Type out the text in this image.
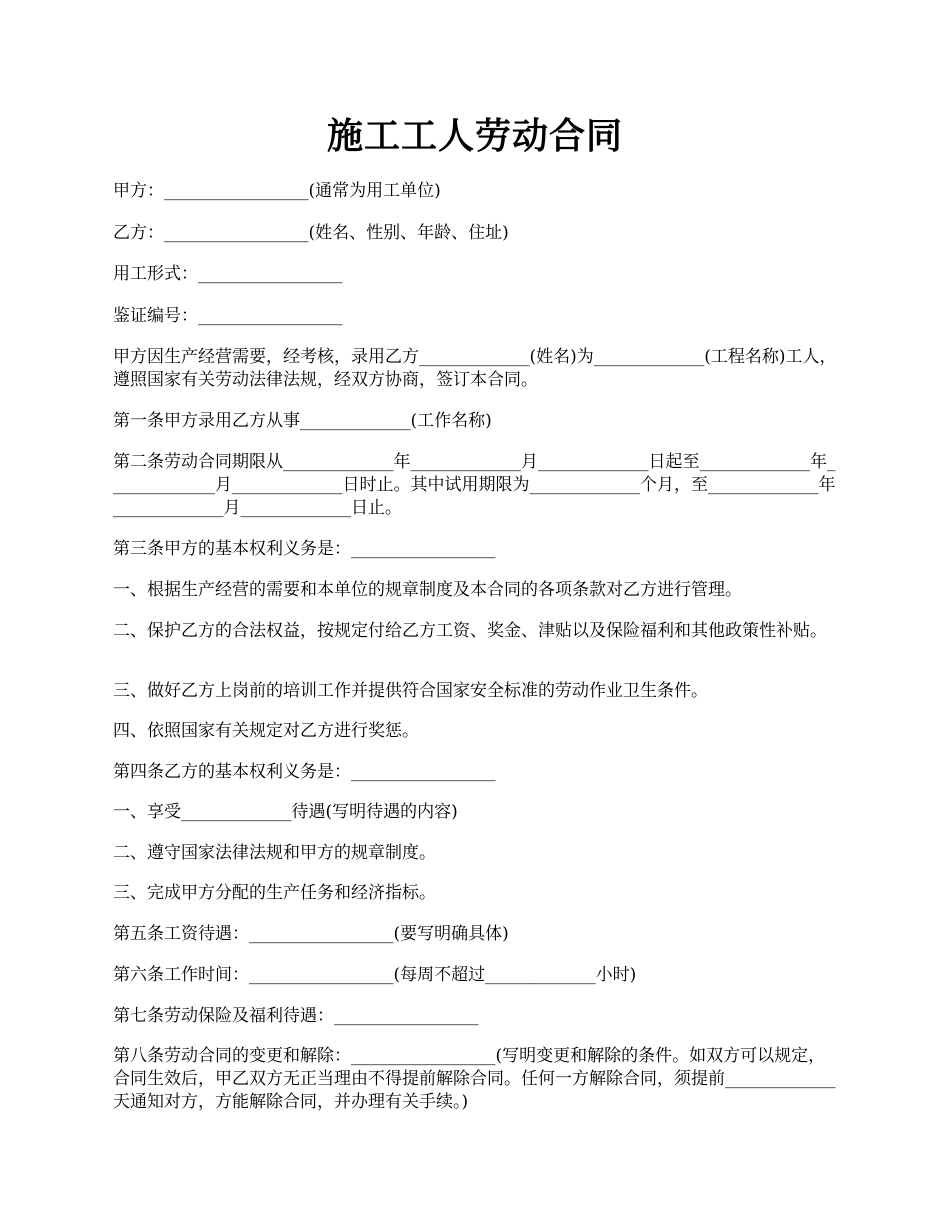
施工工人劳动合同
甲方：_________________(通常为用工单位)
乙方：_________________(姓名、性别、年龄、住址)
用工形式：_________________
鉴证编号：_________________
甲方因生产经营需要，经考核，录用乙方_____________(姓名)为_____________(工程名称)工人，遵照国家有关劳动法律法规，经双方协商，签订本合同。
第一条甲方录用乙方从事_____________(工作名称)
第二条劳动合同期限从_____________年_____________月_____________日起至_____________年_____________月_____________日时止。其中试用期限为_____________个月，至_____________年_____________月_____________日止。
第三条甲方的基本权利义务是：_________________
一、根据生产经营的需要和本单位的规章制度及本合同的各项条款对乙方进行管理。
二、保护乙方的合法权益，按规定付给乙方工资、奖金、津贴以及保险福利和其他政策性补贴。
三、做好乙方上岗前的培训工作并提供符合国家安全标准的劳动作业卫生条件。
四、依照国家有关规定对乙方进行奖惩。
第四条乙方的基本权利义务是：_________________
一、享受_____________待遇(写明待遇的内容)
二、遵守国家法律法规和甲方的规章制度。
三、完成甲方分配的生产任务和经济指标。
第五条工资待遇：_________________(要写明确具体)
第六条工作时间：_________________(每周不超过_____________小时)
第七条劳动保险及福利待遇：_________________
第八条劳动合同的变更和解除：_________________(写明变更和解除的条件。如双方可以规定，合同生效后，甲乙双方无正当理由不得提前解除合同。任何一方解除合同，须提前_____________天通知对方，方能解除合同，并办理有关手续。)
